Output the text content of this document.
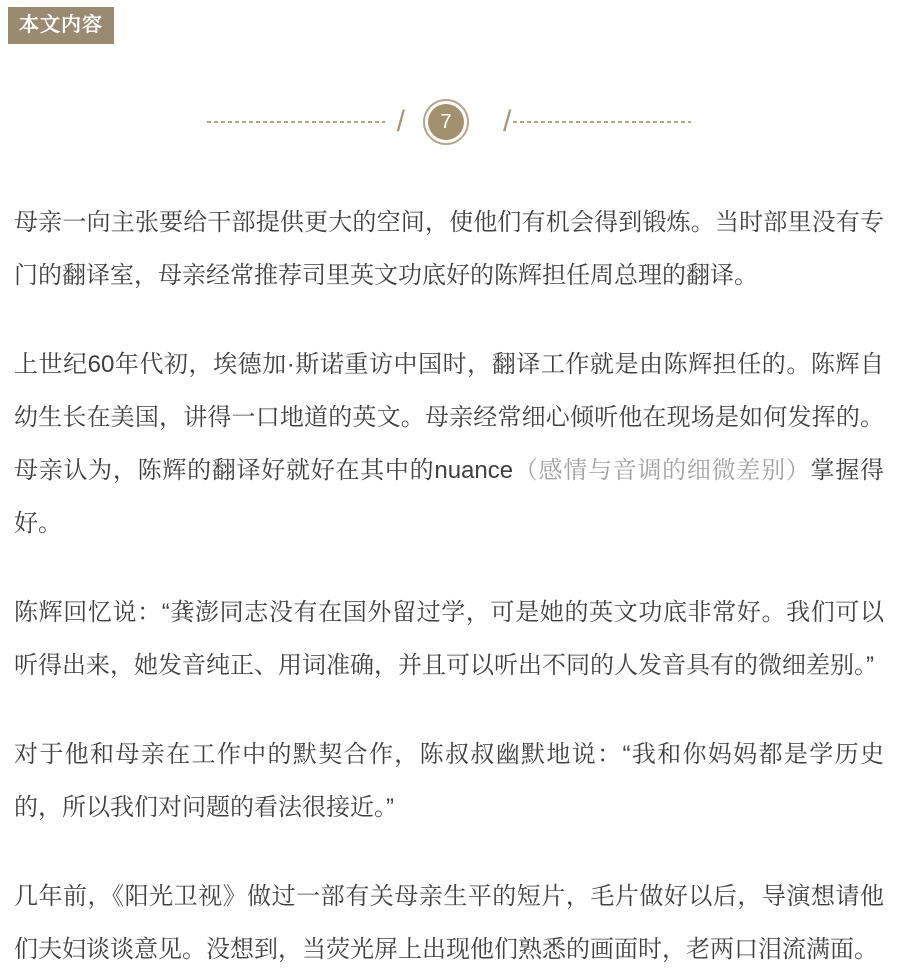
本文内容
/ 7 /

母亲一向主张要给干部提供更大的空间，使他们有机会得到锻炼。当时部里没有专门的翻译室，母亲经常推荐司里英文功底好的陈辉担任周总理的翻译。

上世纪60年代初，埃德加·斯诺重访中国时，翻译工作就是由陈辉担任的。陈辉自幼生长在美国，讲得一口地道的英文。母亲经常细心倾听他在现场是如何发挥的。母亲认为，陈辉的翻译好就好在其中的nuance（感情与音调的细微差别）掌握得好。

陈辉回忆说：“龚澎同志没有在国外留过学，可是她的英文功底非常好。我们可以听得出来，她发音纯正、用词准确，并且可以听出不同的人发音具有的微细差别。”

对于他和母亲在工作中的默契合作，陈叔叔幽默地说：“我和你妈妈都是学历史的，所以我们对问题的看法很接近。”

几年前，《阳光卫视》做过一部有关母亲生平的短片，毛片做好以后，导演想请他们夫妇谈谈意见。没想到，当荧光屏上出现他们熟悉的画面时，老两口泪流满面。
